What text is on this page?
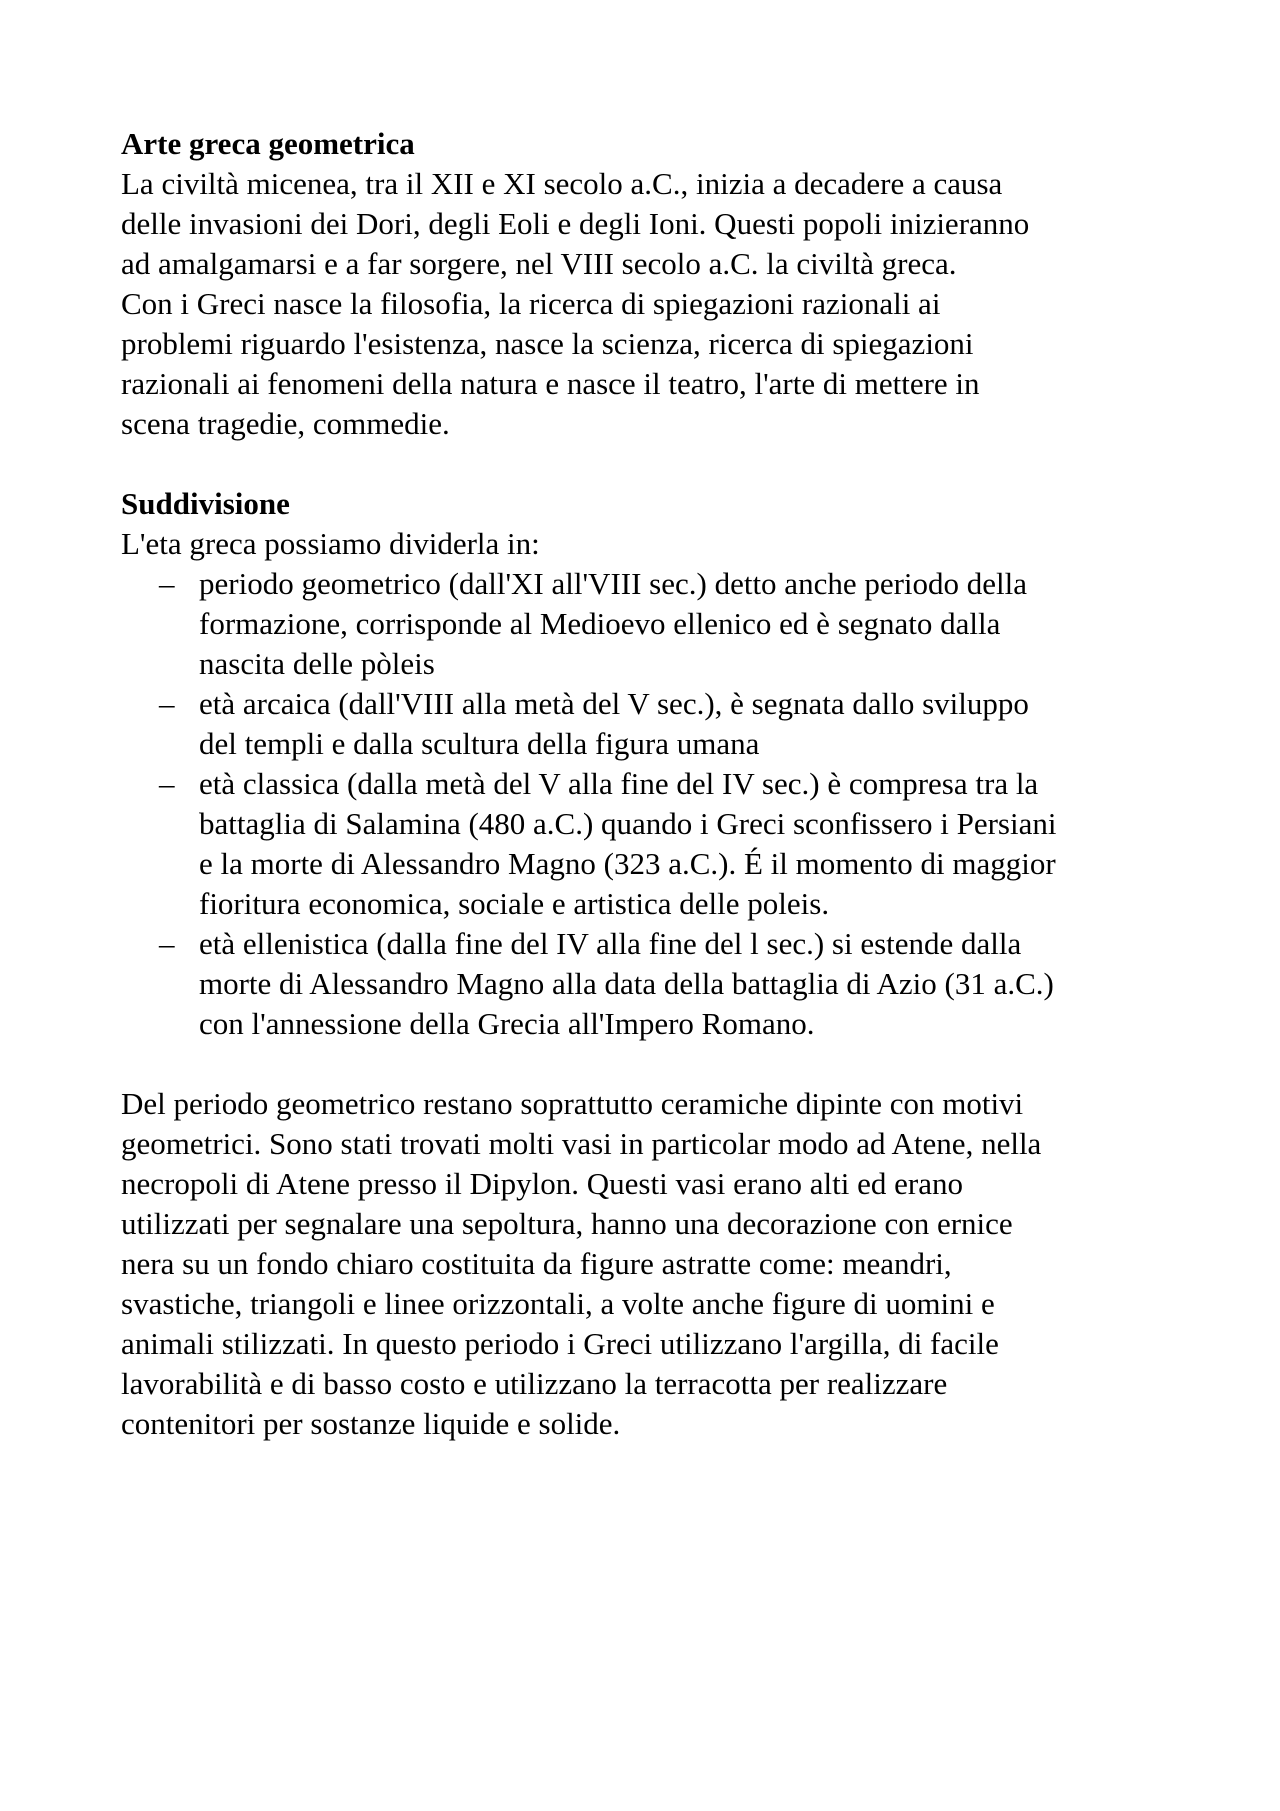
Arte greca geometrica
La civiltà micenea, tra il XII e XI secolo a.C., inizia a decadere a causa
delle invasioni dei Dori, degli Eoli e degli Ioni. Questi popoli inizieranno
ad amalgamarsi e a far sorgere, nel VIII secolo a.C. la civiltà greca.
Con i Greci nasce la filosofia, la ricerca di spiegazioni razionali ai
problemi riguardo l'esistenza, nasce la scienza, ricerca di spiegazioni
razionali ai fenomeni della natura e nasce il teatro, l'arte di mettere in
scena tragedie, commedie.
Suddivisione
L'eta greca possiamo dividerla in:
– periodo geometrico (dall'XI all'VIII sec.) detto anche periodo della
formazione, corrisponde al Medioevo ellenico ed è segnato dalla
nascita delle pòleis
– età arcaica (dall'VIII alla metà del V sec.), è segnata dallo sviluppo
del templi e dalla scultura della figura umana
– età classica (dalla metà del V alla fine del IV sec.) è compresa tra la
battaglia di Salamina (480 a.C.) quando i Greci sconfissero i Persiani
e la morte di Alessandro Magno (323 a.C.). É il momento di maggior
fioritura economica, sociale e artistica delle poleis.
– età ellenistica (dalla fine del IV alla fine del l sec.) si estende dalla
morte di Alessandro Magno alla data della battaglia di Azio (31 a.C.)
con l'annessione della Grecia all'Impero Romano.
Del periodo geometrico restano soprattutto ceramiche dipinte con motivi
geometrici. Sono stati trovati molti vasi in particolar modo ad Atene, nella
necropoli di Atene presso il Dipylon. Questi vasi erano alti ed erano
utilizzati per segnalare una sepoltura, hanno una decorazione con ernice
nera su un fondo chiaro costituita da figure astratte come: meandri,
svastiche, triangoli e linee orizzontali, a volte anche figure di uomini e
animali stilizzati. In questo periodo i Greci utilizzano l'argilla, di facile
lavorabilità e di basso costo e utilizzano la terracotta per realizzare
contenitori per sostanze liquide e solide.
